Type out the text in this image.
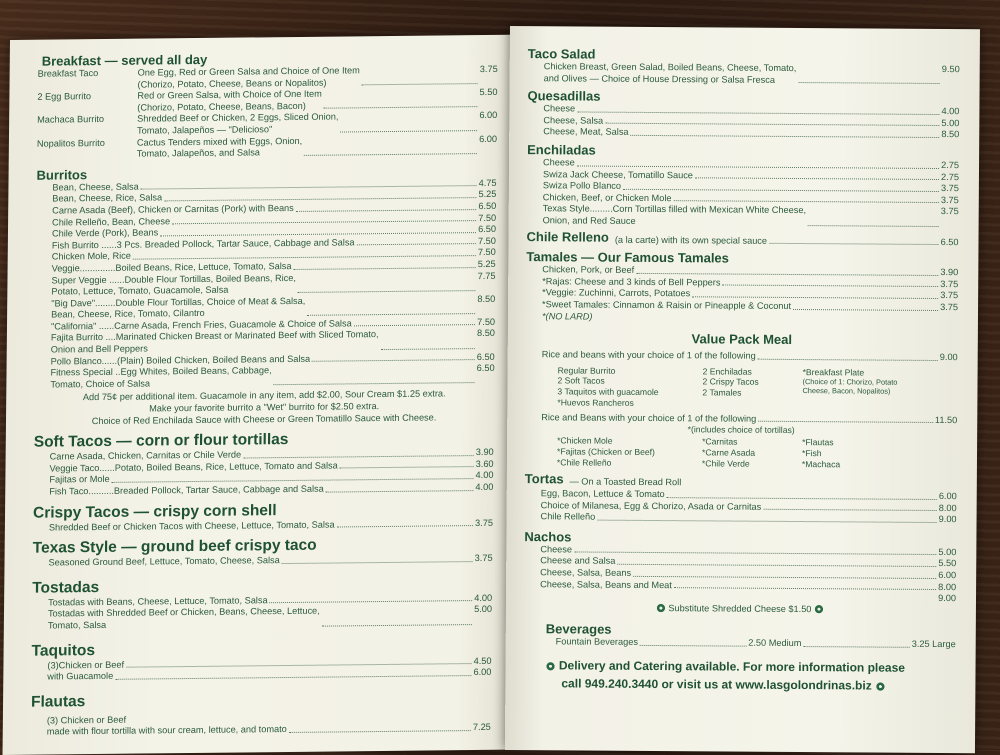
Breakfast — served all day
Breakfast Taco	One Egg, Red or Green Salsa and Choice of One Item
(Chorizo, Potato, Cheese, Beans or Nopalitos)
3.75
2 Egg Burrito	Red or Green Salsa, with Choice of One Item
(Chorizo, Potato, Cheese, Beans, Bacon)
5.50
Machaca Burrito	Shredded Beef or Chicken, 2 Eggs, Sliced Onion,
Tomato, Jalapeños — "Delicioso"
6.00
Nopalitos Burrito	Cactus Tenders mixed with Eggs, Onion,
Tomato, Jalapeños, and Salsa
6.00
Burritos
Bean, Cheese, Salsa	4.75
Bean, Cheese, Rice, Salsa	5.25
Carne Asada (Beef), Chicken or Carnitas (Pork) with Beans	6.50
Chile Relleño, Bean, Cheese	7.50
Chile Verde (Pork), Beans	6.50
Fish Burrito ......3 Pcs. Breaded Pollock, Tartar Sauce, Cabbage and Salsa	7.50
Chicken Mole, Rice	7.50
Veggie..............Boiled Beans, Rice, Lettuce, Tomato, Salsa	5.25
Super Veggie ......Double Flour Tortillas, Boiled Beans, Rice,
Potato, Lettuce, Tomato, Guacamole, Salsa
7.75
"Big Dave"........Double Flour Tortillas, Choice of Meat & Salsa,
Bean, Cheese, Rice, Tomato, Cilantro
8.50
"California" ......Carne Asada, French Fries, Guacamole & Choice of Salsa	7.50
Fajita Burrito ....Marinated Chicken Breast or Marinated Beef with Sliced Tomato,
Onion and Bell Peppers
8.50
Pollo Blanco......(Plain) Boiled Chicken, Boiled Beans and Salsa	6.50
Fitness Special ..Egg Whites, Boiled Beans, Cabbage,
Tomato, Choice of Salsa
6.50
Add 75¢ per additional item. Guacamole in any item, add $2.00, Sour Cream $1.25 extra.
Make your favorite burrito a "Wet" burrito for $2.50 extra.
Choice of Red Enchilada Sauce with Cheese or Green Tomatillo Sauce with Cheese.
Soft Tacos — corn or flour tortillas
Carne Asada, Chicken, Carnitas or Chile Verde	3.90
Veggie Taco......Potato, Boiled Beans, Rice, Lettuce, Tomato and Salsa	3.60
Fajitas or Mole	4.00
Fish Taco..........Breaded Pollock, Tartar Sauce, Cabbage and Salsa	4.00
Crispy Tacos — crispy corn shell
Shredded Beef or Chicken Tacos with Cheese, Lettuce, Tomato, Salsa	3.75
Texas Style — ground beef crispy taco
Seasoned Ground Beef, Lettuce, Tomato, Cheese, Salsa	3.75
Tostadas
Tostadas with Beans, Cheese, Lettuce, Tomato, Salsa	4.00
Tostadas with Shredded Beef or Chicken, Beans, Cheese, Lettuce,
Tomato, Salsa
5.00
Taquitos
(3)Chicken or Beef	4.50
with Guacamole	6.00
Flautas
(3) Chicken or Beef
made with flour tortilla with sour cream, lettuce, and tomato	7.25
Taco Salad
Chicken Breast, Green Salad, Boiled Beans, Cheese, Tomato,
and Olives — Choice of House Dressing or Salsa Fresca
9.50
Quesadillas
Cheese	4.00
Cheese, Salsa	5.00
Cheese, Meat, Salsa	8.50
Enchiladas
Cheese	2.75
Swiza Jack Cheese, Tomatillo Sauce	2.75
Swiza Pollo Blanco	3.75
Chicken, Beef, or Chicken Mole	3.75
Texas Style.........Corn Tortillas filled with Mexican White Cheese,
Onion, and Red Sauce
3.75
Chile Relleno (a la carte) with its own special sauce	6.50
Tamales — Our Famous Tamales
Chicken, Pork, or Beef	3.90
*Rajas: Cheese and 3 kinds of Bell Peppers	3.75
*Veggie: Zuchinni, Carrots, Potatoes	3.75
*Sweet Tamales: Cinnamon & Raisin or Pineapple & Coconut	3.75
*(NO LARD)
Value Pack Meal
Rice and beans with your choice of 1 of the following	9.00
Regular Burrito
2 Soft Tacos
3 Taquitos with guacamole
*Huevos Rancheros
2 Enchiladas
2 Crispy Tacos
2 Tamales
*Breakfast Plate
(Choice of 1: Chorizo, Potato
Cheese, Bacon, Nopalitos)
Rice and Beans with your choice of 1 of the following	11.50
*(includes choice of tortillas)
*Chicken Mole
*Fajitas (Chicken or Beef)
*Chile Relleño
*Carnitas
*Carne Asada
*Chile Verde
*Flautas
*Fish
*Machaca
Tortas — On a Toasted Bread Roll
Egg, Bacon, Lettuce & Tomato	6.00
Choice of Milanesa, Egg & Chorizo, Asada or Carnitas	8.00
Chile Relleño	9.00
Nachos
Cheese	5.00
Cheese and Salsa	5.50
Cheese, Salsa, Beans	6.00
Cheese, Salsa, Beans and Meat	8.00
9.00
Substitute Shredded Cheese $1.50
Beverages
Fountain Beverages	2.50 Medium	3.25 Large
Delivery and Catering available. For more information please
call 949.240.3440 or visit us at www.lasgolondrinas.biz
